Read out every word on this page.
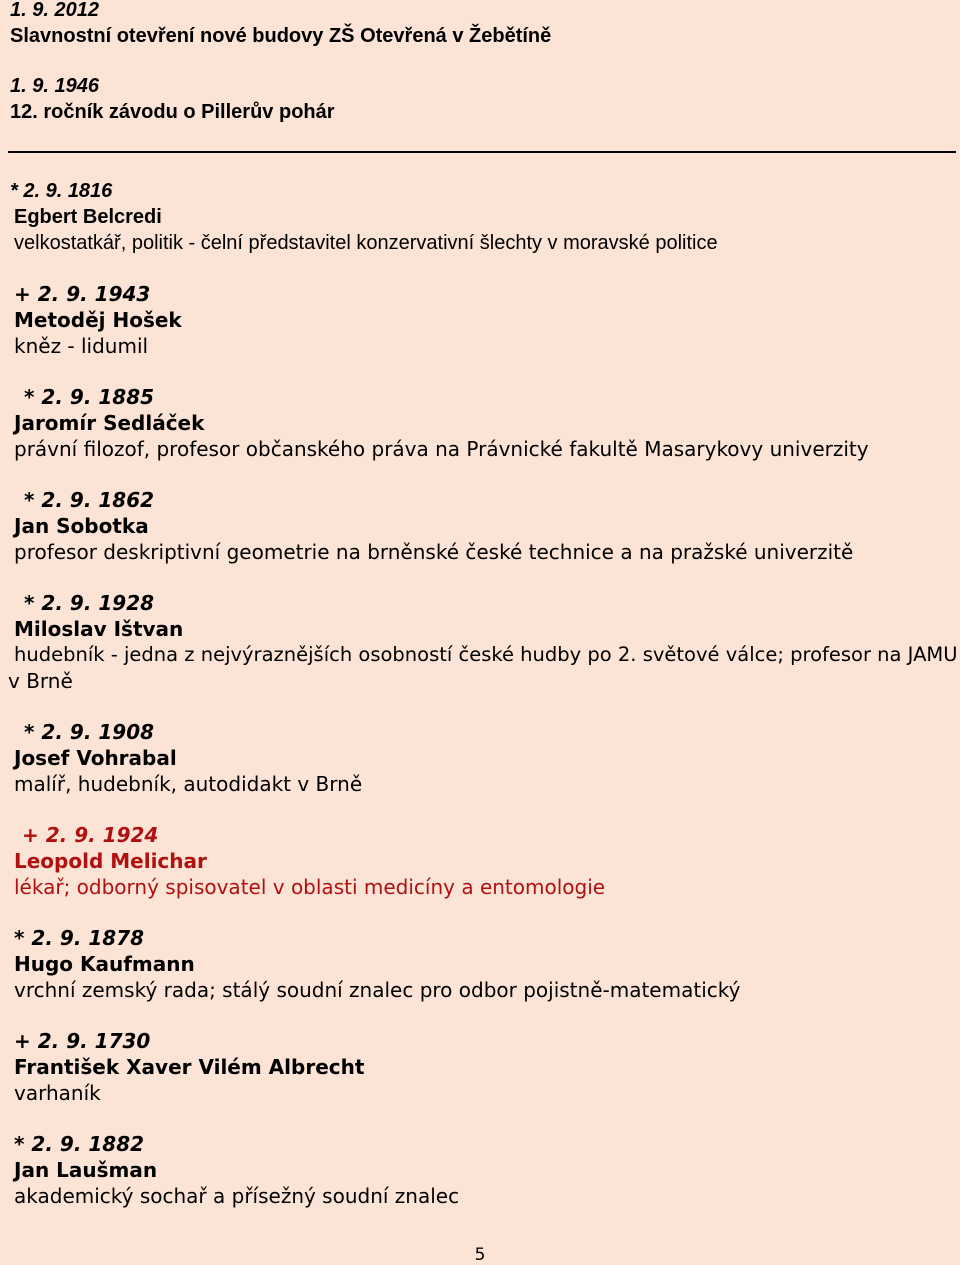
1. 9. 2012
Slavnostní otevření nové budovy ZŠ Otevřená v Žebětíně
1. 9. 1946
12. ročník závodu o Pillerův pohár
* 2. 9. 1816
Egbert Belcredi
velkostatkář, politik - čelní představitel konzervativní šlechty v moravské politice
+ 2. 9. 1943
Metoděj Hošek
kněz - lidumil
* 2. 9. 1885
Jaromír Sedláček
právní filozof, profesor občanského práva na Právnické fakultě Masarykovy univerzity
* 2. 9. 1862
Jan Sobotka
profesor deskriptivní geometrie na brněnské české technice a na pražské univerzitě
* 2. 9. 1928
Miloslav Ištvan
hudebník - jedna z nejvýraznějších osobností české hudby po 2. světové válce; profesor na JAMU
v Brně
* 2. 9. 1908
Josef Vohrabal
malíř, hudebník, autodidakt v Brně
+ 2. 9. 1924
Leopold Melichar
lékař; odborný spisovatel v oblasti medicíny a entomologie
* 2. 9. 1878
Hugo Kaufmann
vrchní zemský rada; stálý soudní znalec pro odbor pojistně-matematický
+ 2. 9. 1730
František Xaver Vilém Albrecht
varhaník
* 2. 9. 1882
Jan Laušman
akademický sochař a přísežný soudní znalec
5
